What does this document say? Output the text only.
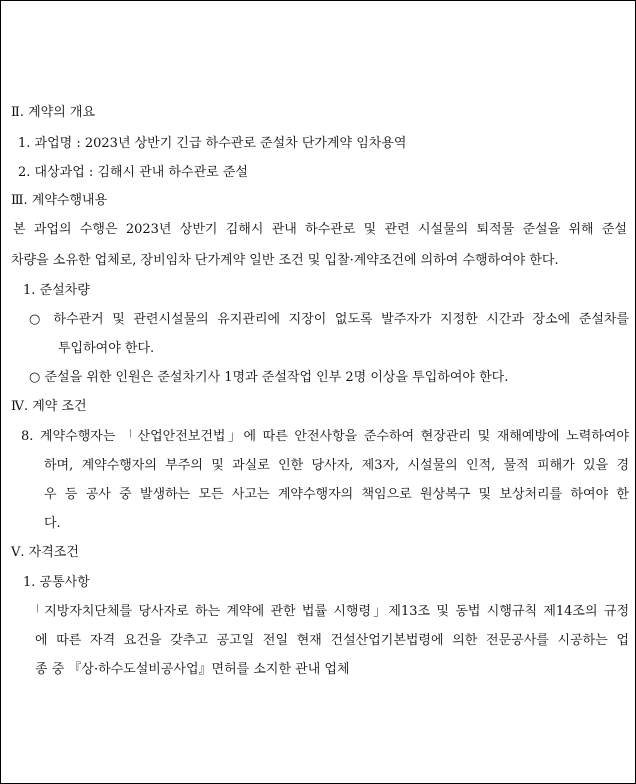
Ⅱ. 계약의 개요
1. 과업명 : 2023년 상반기 긴급 하수관로 준설차 단가계약 임차용역
2. 대상과업 : 김해시 관내 하수관로 준설
Ⅲ. 계약수행내용
본 과업의 수행은 2023년 상반기 김해시 관내 하수관로 및 관련 시설물의 퇴적물 준설을 위해 준설
차량을 소유한 업체로, 장비임차 단가계약 일반 조건 및 입찰·계약조건에 의하여 수행하여야 한다.
1. 준설차량
○ 하수관거 및 관련시설물의 유지관리에 지장이 없도록 발주자가 지정한 시간과 장소에 준설차를
투입하여야 한다.
○ 준설을 위한 인원은 준설차기사 1명과 준설작업 인부 2명 이상을 투입하여야 한다.
Ⅳ. 계약 조건
8. 계약수행자는 「산업안전보건법」에 따른 안전사항을 준수하여 현장관리 및 재해예방에 노력하여야
하며, 계약수행자의 부주의 및 과실로 인한 당사자, 제3자, 시설물의 인적, 물적 피해가 있을 경
우 등 공사 중 발생하는 모든 사고는 계약수행자의 책임으로 원상복구 및 보상처리를 하여야 한
다.
Ⅴ. 자격조건
1. 공통사항
「지방자치단체를 당사자로 하는 계약에 관한 법률 시행령」제13조 및 동법 시행규칙 제14조의 규정
에 따른 자격 요건을 갖추고 공고일 전일 현재 건설산업기본법령에 의한 전문공사를 시공하는 업
종 중 『상·하수도설비공사업』면허를 소지한 관내 업체
